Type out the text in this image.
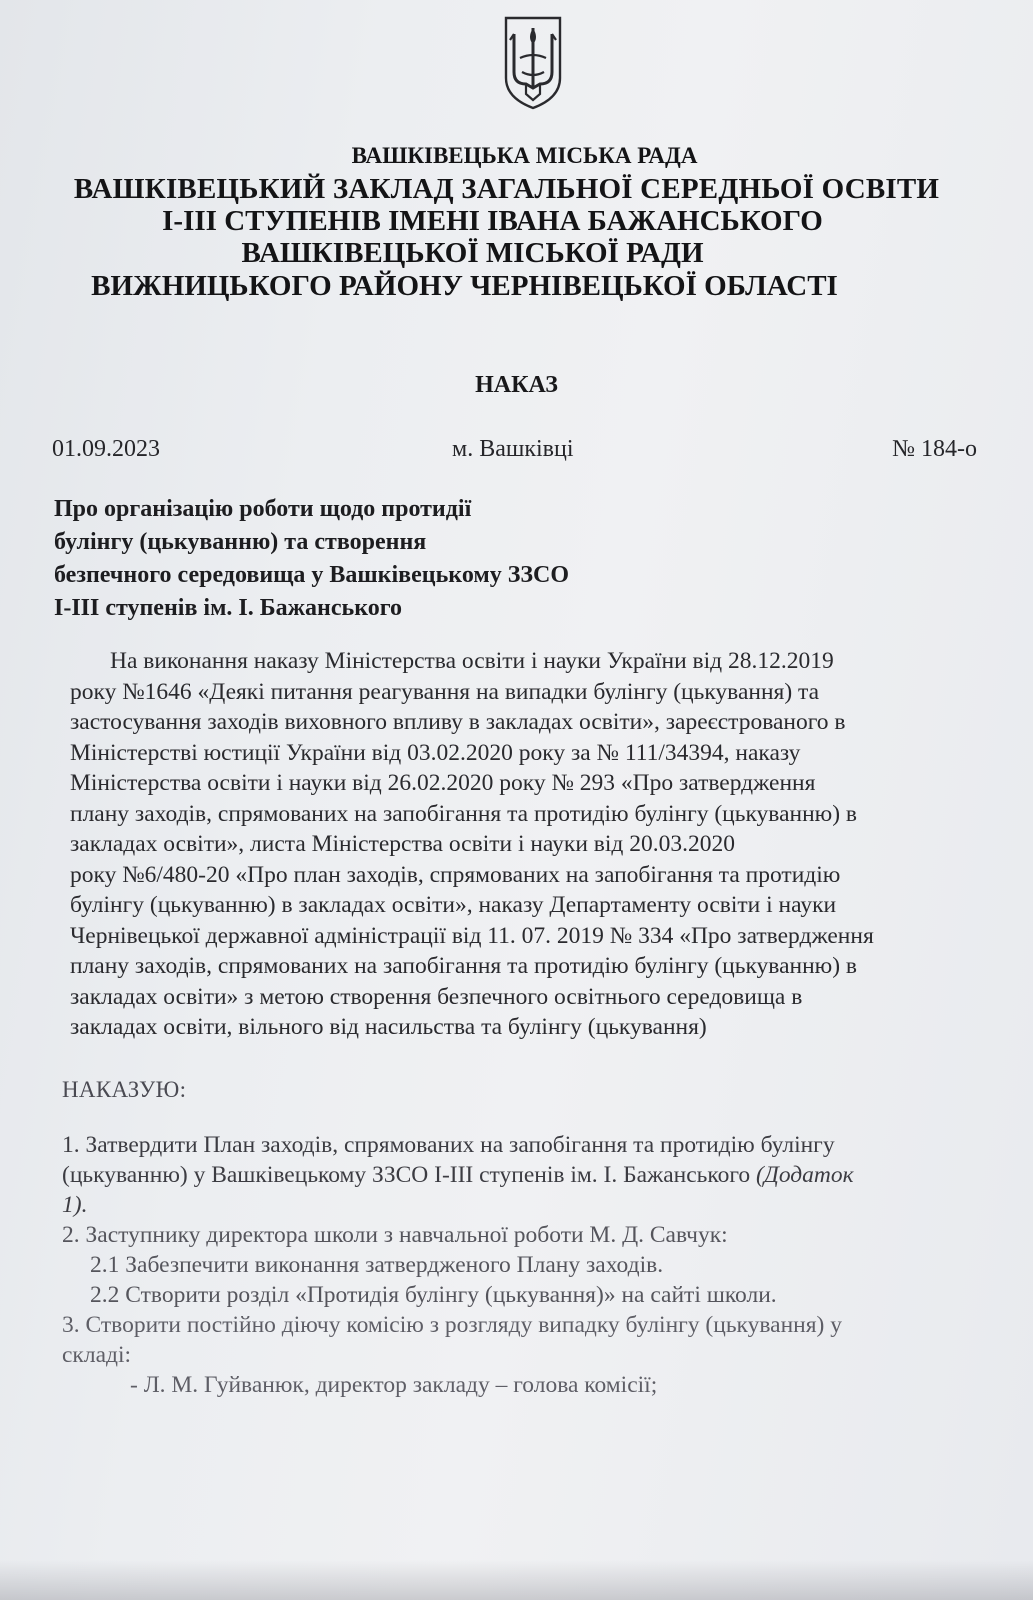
ВАШКІВЕЦЬКА МІСЬКА РАДА
ВАШКІВЕЦЬКИЙ ЗАКЛАД ЗАГАЛЬНОЇ СЕРЕДНЬОЇ ОСВІТИ
І-ІІІ СТУПЕНІВ ІМЕНІ ІВАНА БАЖАНСЬКОГО
ВАШКІВЕЦЬКОЇ МІСЬКОЇ РАДИ
ВИЖНИЦЬКОГО РАЙОНУ ЧЕРНІВЕЦЬКОЇ ОБЛАСТІ
НАКАЗ
01.09.2023	м. Вашківці	№ 184-о
Про організацію роботи щодо протидії
булінгу (цькуванню) та створення
безпечного середовища у Вашківецькому ЗЗСО
І-ІІІ ступенів ім. І. Бажанського
На виконання наказу Міністерства освіти і науки України від 28.12.2019
року №1646 «Деякі питання реагування на випадки булінгу (цькування) та
застосування заходів виховного впливу в закладах освіти», зареєстрованого в
Міністерстві юстиції України від 03.02.2020 року за № 111/34394, наказу
Міністерства освіти і науки від 26.02.2020 року № 293 «Про затвердження
плану заходів, спрямованих на запобігання та протидію булінгу (цькуванню) в
закладах освіти», листа Міністерства освіти і науки від 20.03.2020
року №6/480-20 «Про план заходів, спрямованих на запобігання та протидію
булінгу (цькуванню) в закладах освіти», наказу Департаменту освіти і науки
Чернівецької державної адміністрації від 11. 07. 2019 № 334 «Про затвердження
плану заходів, спрямованих на запобігання та протидію булінгу (цькуванню) в
закладах освіти» з метою створення безпечного освітнього середовища в
закладах освіти, вільного від насильства та булінгу (цькування)
НАКАЗУЮ:
1. Затвердити План заходів, спрямованих на запобігання та протидію булінгу
(цькуванню) у Вашківецькому ЗЗСО І-ІІІ ступенів ім. І. Бажанського (Додаток
1).
2. Заступнику директора школи з навчальної роботи М. Д. Савчук:
2.1 Забезпечити виконання затвердженого Плану заходів.
2.2 Створити розділ «Протидія булінгу (цькування)» на сайті школи.
3. Створити постійно діючу комісію з розгляду випадку булінгу (цькування) у
складі:
- Л. М. Гуйванюк, директор закладу – голова комісії;
